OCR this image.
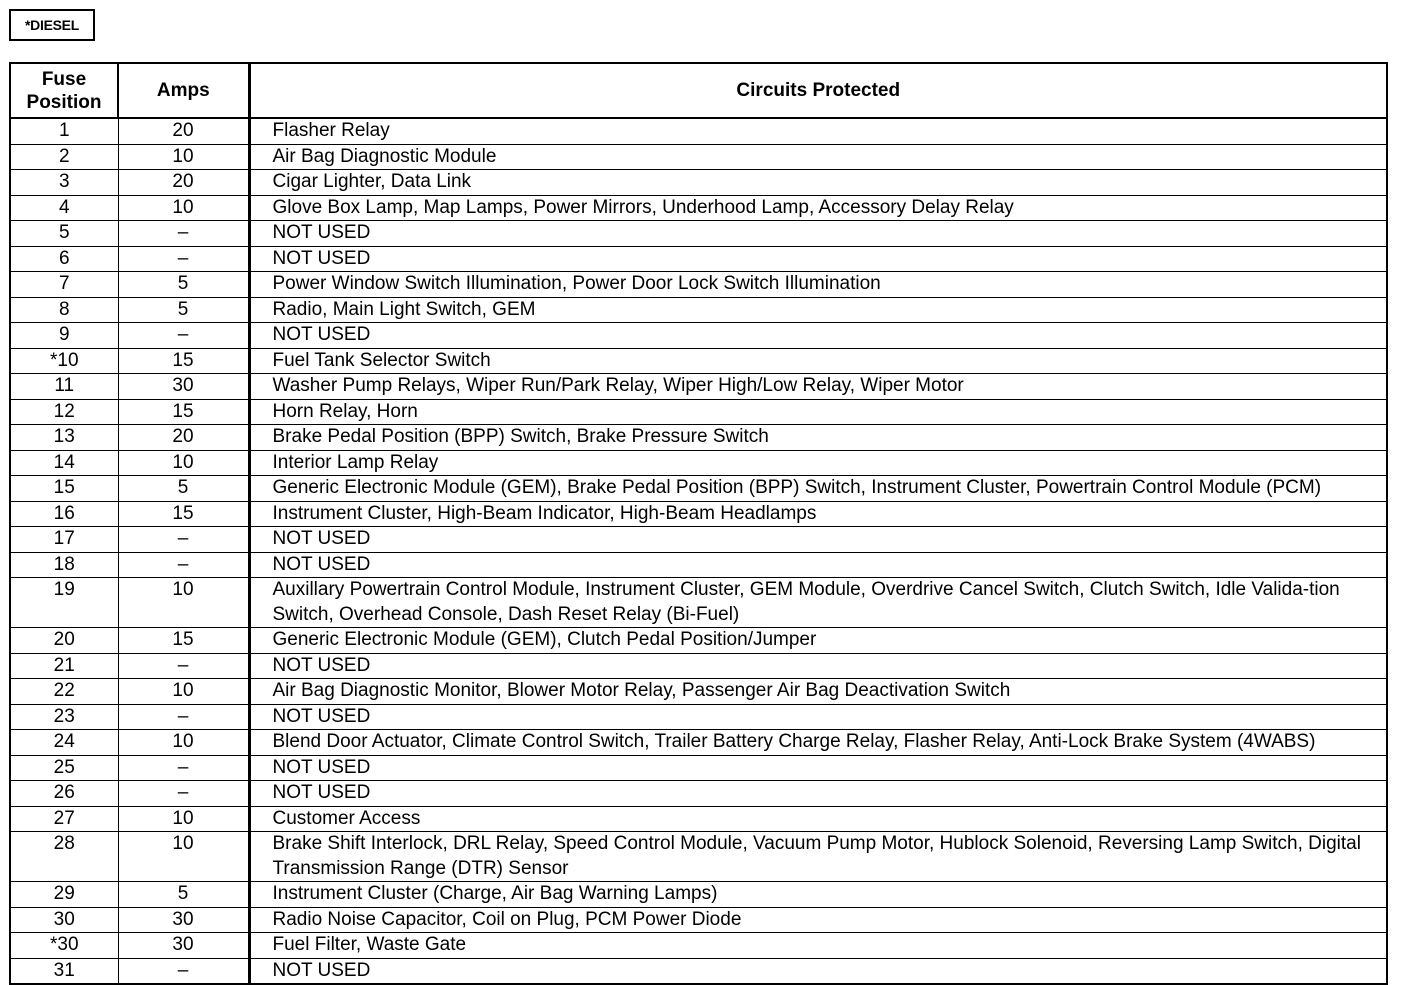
*DIESEL
Fuse
Position	Amps	Circuits Protected
1	20	Flasher Relay
2	10	Air Bag Diagnostic Module
3	20	Cigar Lighter, Data Link
4	10	Glove Box Lamp, Map Lamps, Power Mirrors, Underhood Lamp, Accessory Delay Relay
5	–	NOT USED
6	–	NOT USED
7	5	Power Window Switch Illumination, Power Door Lock Switch Illumination
8	5	Radio, Main Light Switch, GEM
9	–	NOT USED
*10	15	Fuel Tank Selector Switch
11	30	Washer Pump Relays, Wiper Run/Park Relay, Wiper High/Low Relay, Wiper Motor
12	15	Horn Relay, Horn
13	20	Brake Pedal Position (BPP) Switch, Brake Pressure Switch
14	10	Interior Lamp Relay
15	5	Generic Electronic Module (GEM), Brake Pedal Position (BPP) Switch, Instrument Cluster, Powertrain Control Module (PCM)
16	15	Instrument Cluster, High-Beam Indicator, High-Beam Headlamps
17	–	NOT USED
18	–	NOT USED
19	10	Auxillary Powertrain Control Module, Instrument Cluster, GEM Module, Overdrive Cancel Switch, Clutch Switch, Idle Valida-tion Switch, Overhead Console, Dash Reset Relay (Bi-Fuel)
20	15	Generic Electronic Module (GEM), Clutch Pedal Position/Jumper
21	–	NOT USED
22	10	Air Bag Diagnostic Monitor, Blower Motor Relay, Passenger Air Bag Deactivation Switch
23	–	NOT USED
24	10	Blend Door Actuator, Climate Control Switch, Trailer Battery Charge Relay, Flasher Relay, Anti-Lock Brake System (4WABS)
25	–	NOT USED
26	–	NOT USED
27	10	Customer Access
28	10	Brake Shift Interlock, DRL Relay, Speed Control Module, Vacuum Pump Motor, Hublock Solenoid, Reversing Lamp Switch, Digital Transmission Range (DTR) Sensor
29	5	Instrument Cluster (Charge, Air Bag Warning Lamps)
30	30	Radio Noise Capacitor, Coil on Plug, PCM Power Diode
*30	30	Fuel Filter, Waste Gate
31	–	NOT USED
